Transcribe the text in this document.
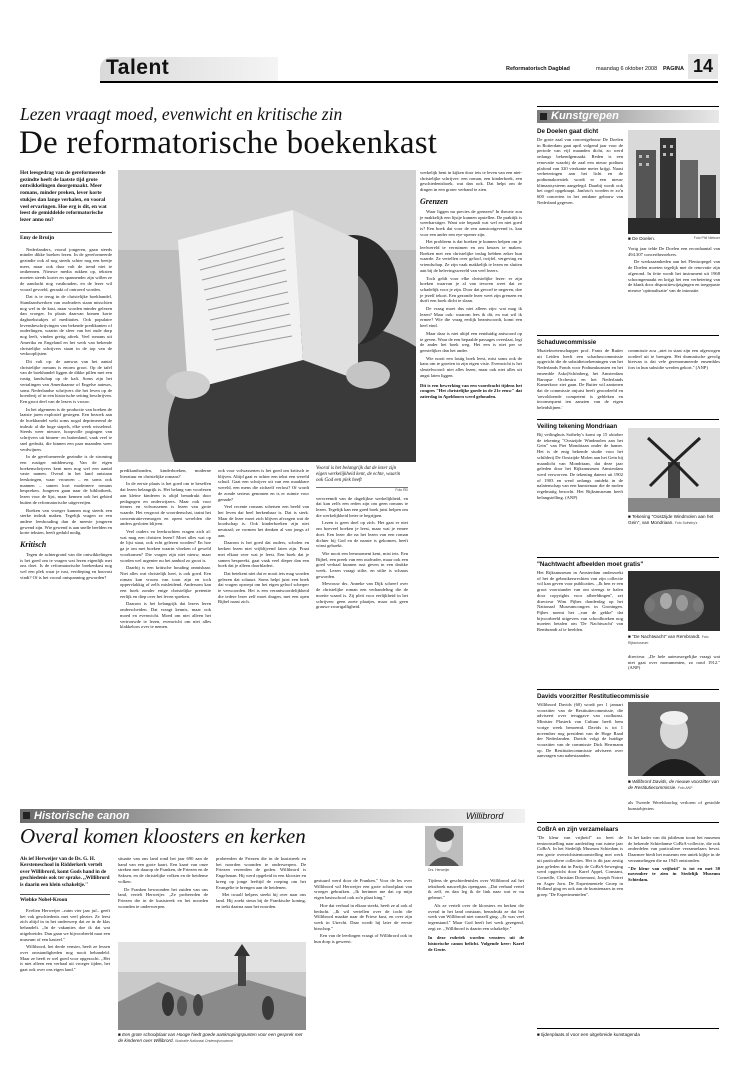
Talent	Reformatorisch Dagblad	maandag 6 oktober 2008 PAGINA 14
Lezen vraagt moed, evenwicht en kritische zin
De reformatorische boekenkast
Het leesgedrag van de gereformeerde gezindte heeft de laatste tijd grote ontwikkelingen doorgemaakt. Meer romans, minder preken, lever korte stukjes dan lange verhalen, en vooral veel ervaringen. Hoe erg is dit, en wat leest de gemiddelde reformatorische lezer anno nu?
Emy de Bruijn

Nederlanders, vooral jongeren, gaan steeds minder dikke boeken lezen. In de gereformeerde gezindte ook al nog steeds schier nog een beetje meer, maar ook daar valt de trend niet te ontkennen. Nieuwe media rukken op, teksten moeten steeds korter en spannender zijn willen ze de aandacht nog vasthouden, en de lezer wil vooral gevoeld, geraakt of ontroerd worden.

Dat is te terug in de christelijke boekhandel. Standaardwerken van oudvaders staan misschien nog wel in de kast, maar worden minder gelezen dan vroeger. In plaats daarvan komen korte dagboekstukjes of meditaties. Ook populaire levensbeschrijvingen van bekende predikanten of ouderlingen, waarin de sfeer van het oude dorp nog leeft, vinden gretig aftrek. Veel romans uit Amerika en Engeland en het werk van bekende christelijke schrijvers staan in de top van de verkooplijsten.

Dit valt op: de aanwas van het aantal christelijke romans is enorm groot. Op de tafel van de boekhandel liggen de dikke pillen met een rustig landschap op de kaft. Soms zijn het vertalingen van Amerikaanse of Engelse auteurs, soms Nederlandse schrijvers die het leven op de boerderij of in een historische setting beschrijven. Een groot deel van de lezers is vrouw.

In het algemeen is de productie van boeken de laatste jaren explosief gestegen. Een bezoek aan de boekhandel wekt soms nogal deprimerend de indruk: al die hoge stapels, elke week wisselend. Steeds weer nieuwe, hoopvolle pogingen van schrijvers uit binnen- en buitenland, vaak veel te snel gedrukt, die binnen een paar maanden weer verdwijnen.

In de gereformeerde gezindte is de stroming een rustiger middenweg. Van de eigen boekenschrijvers kent men nog wel een aantal vaste namen. Overal in het land ontstaan leeskringen, waar vrouwen – en soms ook mannen – samen kort modernere romans bespreken. Jongeren gaan naar de bibliotheek, lezen voor de lijst, maar kennen ook het gebied buiten de reformatorische uitgeverijen.

Boeken van vroeger kunnen nog steeds een sterke indruk maken. Tegelijk vragen ze een andere leeshouding dan de meeste jongeren gewend zijn. Wie gewend is aan snelle beelden en korte teksten, heeft geduld nodig.

Kritisch

Tegen de achtergrond van die ontwikkelingen is het goed om te vragen wat lezen eigenlijk met ons doet. Is de reformatorische boekenkast nog wel een plek waar je rust, verdieping en houvast vindt? Of is het vooral ontspanning geworden?

predikanthonden, kinderboeken, moderne literatuur en christelijke romans?

In de eerste plaats is het goed om te beseffen dat lezen belangrijk is. Het belang van voorlezen aan kleine kinderen is altijd benadrukt door pedagogen en onderwijzers. Maar ook voor tieners en volwassenen is lezen van grote waarde. Het vergroot de woordenschat, traint het concentratievermogen en opent werelden die anders gesloten blijven.

Veel ouders en leerkrachten vragen zich af: wat mag een christen lezen? Moet alles wat op de lijst staat, ook echt gelezen worden? En hoe ga je om met boeken waarin vloeken of geweld voorkomen? Die vragen zijn niet nieuw, maar worden wel urgenter nu het aanbod zo groot is.

Daarbij is een kritische houding onmisbaar. Niet alles wat christelijk heet, is ook goed. Een roman kan vroom van toon zijn en toch oppervlakkig of zelfs misleidend. Andersom kan een boek zonder enige christelijke pretentie eerlijk en diep over het leven spreken.

Daarom is het belangrijk dat lezers leren onderscheiden. Dat vraagt kennis, maar ook moed en evenwicht. Moed om niet alleen het vertrouwde te lezen, evenwicht om niet alles klakkeloos over te nemen.

ook voor volwassenen is het goed om kritisch te blijven. Altijd gaat er achter een tekst een wereld schuil. Gaat een schrijver uit van een maakbare wereld, een mens die zichzelf verlost? Of wordt de zonde serieus genomen en is er ruimte voor genade?

Veel recente romans schetsen een beeld van het leven dat heel herkenbaar is. Dat is sterk. Maar de lezer moet zich blijven afvragen wat de boodschap is. Ook kinderboeken zijn niet neutraal; ze vormen het denken al van jongs af aan.

Daarom is het goed dat ouders, scholen en kerken lezen niet vrijblijvend laten zijn. Praat met elkaar over wat je leest. Een boek dat je samen bespreekt, gaat vaak veel dieper dan een boek dat je alleen doorbladert.

Dat betekent niet dat er nooit iets mag worden gelezen dat schuurt. Soms helpt juist een boek dat vragen oproept om het eigen geloof scherper te verwoorden. Het is een verantwoordelijkheid die iedere lezer zelf moet dragen, met een open Bijbel naast zich.

Vooral is het belangrijk dat de lezer zijn eigen werkelijkheid kent, de echte, waarin ook God een plek heeft
Foto RD

vervreemdt van de dagelijkse werkelijkheid, en dat kan zelfs een reden zijn om geen romans te lezen. Tegelijk kan een goed boek juist helpen om die werkelijkheid beter te begrijpen.

Lezen is geen doel op zich. Het gaat er niet om hoeveel boeken je leest, maar wat je ermee doet. Een lezer die na het lezen van een roman dichter bij God en de naaste is gekomen, heeft winst geboekt.

Wie nooit een leesmoment kent, mist iets. Een Bijbel, een preek van een oudvader, maar ook een goed verhaal kunnen rust geven in een drukke week. Lezen vraagt stilte, en stilte is schaars geworden.

Mevrouw drs. Anneke van Dijk schreef over de christelijke roman een verhandeling die de moeite waard is. Zij pleit voor eerlijkheid in het schrijven: geen zoete plaatjes, maar ook geen grauwe zwartgalligheid.

werkelijk bent in kijken door iets te leven van een niet-christelijke schrijver: een roman, een kinderboek, een geschiedenisboek, wat dan ook. Dat helpt om de dingen in een groter verband te zien.

Grenzen

Waar liggen nu precies de grenzen? In theorie zou je makkelijk een lijstje kunnen opstellen. De praktijk is weerbarstiger. Want wie bepaalt wat wel en niet goed is? Een boek dat voor de een aanstootgevend is, kan voor een ander een eye-opener zijn.

Het probleem is dat boeken je kunnen helpen om je leefwereld te verruimen en om keuzes te maken. Boeken met een christelijke inslag hebben zeker hun waarde. Ze vertellen over geloof, twijfel, vergeving en vriendschap. Ze zijn vaak makkelijk te lezen en sluiten aan bij de belevingswereld van veel lezers.

Toch geldt voor elke christelijke lezer: er zijn boeken waarvan je al van tevoren weet dat ze schadelijk voor je zijn. Door dat gevoel te negeren, doe je jezelf tekort. Een gezonde lezer weet zijn grenzen en durft een boek dicht te slaan.

De vraag moet dus niet alleen zijn: wat mag ik lezen? Maar ook: waarom lees ik dit, en wat wil ik ermee? Wie die vraag eerlijk beantwoordt, komt een heel eind.

Maar daar is niet altijd een eenduidig antwoord op te geven. Waar de een bepaalde passages overslaat, legt de ander het boek weg. Het een is niet per se geestelijker dan het ander.

Wie nooit een lastig boek leest, mist soms ook de kans om te groeien in zijn eigen visie. Evenwicht is het sleutelwoord: niet alles lezen, maar ook niet alles uit angst laten liggen.

Dit is een bewerking van een voordracht tijdens het congres "Het christelijke goede in de 21e eeuw" dat zaterdag in Apeldoorn werd gehouden.

Kunstgrepen
De Doelen gaat dicht

De grote zaal van concertgebouw De Doelen in Rotterdam gaat april volgend jaar voor de periode van vijf maanden dicht, zo werd onlangs bekendgemaakt. Reden is een renovatie waarbij de zaal een nieuw podium plafond van 320 vierkante meter krijgt. Naast verbeteringen aan het licht en de podiumakoestiek wordt er een nieuw klimaatsysteem aangelegd. Daarbij wordt ook het orgel opgeknapt. Janfoto's worden er zo'n 600 concerten in het ontdane gebouw van Nederland gegeven.

■ De Doelen.	Foto Phil Nieboer

Vorig jaar telde De Doelen een recordaantal van 494.307 concertbezoekers.

De werkzaamheden aan het Fleniropegel van de Doelen moeten tegelijk met de renovatie zijn afgerond. In feite wordt het instrument uit 1968 schoongemaakt en krijgt het een verbetering van de klank door dispositiewijzigingen en toegepaste nieuwe 'optimalisatie' van de intonatie.

Schaduwcommissie

Muziekwetenschapper prof. Frans de Ruiter uit Leiden heeft een schaduwcommissie opgericht die de subsidietoekenningen van het Nederlands Fonds voor Podiumkunsten en het ensemble Asko|Schönberg, het Amsterdam Baroque Orchestra en het Nederlands Kamerkoor ziet gaan. De Ruiter wil aantonen dat de commissie onjuist heeft geoordeeld en 'onvoldoende competent is gebleken en inconsequent ten aanzien van de eigen beleidslijnen.'

commissie zou ,,niet in staat zijn een afgewogen oordeel uit te brengen. Het dramatische gevolg hiervan is dat vele gerenommeerde ensembles fors in hun subsidie werden gekort.'' (ANP)

Veiling tekening Mondriaan

Bij veilinghuis Sotheby's komt op 15 oktober de tekening "Oostzijde Windmolen aan het Gein" van Piet Mondriaan onder de hamer. Het is de enig bekende studie voor het schilderij De Oostzijde Molen aan het Gein bij maanlicht van Mondriaan, dat deze jaar geleden door het Rijksmuseum Amsterdam werd verworven. De tekening dateert uit 1902 of 1903 en werd onlangs ontdekt in de nalatenschap van een kunstenaar die de molen regelmatig bezocht. Het Rijksmuseum heeft belangstelling. (ANP)

■ Tekening "Oostzijde Windmolen aan het Gein", van Mondriaan. Foto Sotheby's
"Nachtwacht afbeelden moet gratis"

Het Rijksmuseum in Amsterdam onderzoekt of het de gebruikersrechten van zijn collectie wil kan geven voor publicaties. ,,Ik ben er een groot voorstander van om strengs te halen door copyrights voor afbeeldingen'', zei directeur Wim Pijbes donderdag op het Nationaal Museumcongres in Groningen. Pijbes noemt het ,,van de gekke'' dat bijvoorbeeld uitgevers van schoolboeken nog moeten betalen om 'De Nachtwacht' van Rembrandt af te beelden.

■ "De Nachtwacht" van Rembrandt. Foto Rijksmuseum

directeur. ,,De hele auteursregelijke vraagt wat niet gaat over monumenten, zo rond 1912.'' (ANP)

Davids voorzitter Restitutiecommissie

Willibrord Davids (60) wordt per 1 januari voorzitter van de Restitutiecommissie, die adviseert over teruggave van roofkunst. Minister Plasterk van Cultuur heeft hem vorige week benoemd. Davids is tot 1 november nog president van de Hoge Raad der Nederlanden. Davids volgt de huidige voorzitter van de commissie Dick Herrmann op. De Restitutiecommissie adviseert over aanvragen van nabestaanden.

■ Willibrord Davids, de nieuwe voorzitter van de Restitutiecommissie. Foto ANP

als Tweede Wereldoorlog verloren of gestolde kunstobjecten.

CoBrA en zijn verzamelaars

"De kleur van vrijheid" zo heet de tentoonstelling naar aanleiding van ruime jaar CoBrA. In het Stedelijk Museum Schiedam is een grote overzichtstentoonstelling met werk uit particuliere collecties. Het is dit jaar zestig jaar geleden dat in Parijs de CoBrA-beweging werd opgericht door Karel Appel, Constant, Corneille, Christian Dotremont, Joseph Noiret en Asger Jorn. De Experimentele Groep in Holland ging en ook aan de kunstenaars in een groep "De Experimentelen".

In het kader van dit jubileum toont het museum de bekende Schiedamse CoBrA-collectie, die ook onderdelen van particuliere verzamelaars bevat. Daarmee biedt het museum een uniek kijkje in de verzamelingen die na 1945 ontstonden.

"De kleur van vrijheid" is tot en met 30 november te zien in Stedelijk Museum Schiedam.

■ tijdenplaats.nl voor een uitgebreide kunstagenda
Historische canon	Willibrord
Overal komen kloosters en kerken
Drs. Herweijer
Als ief Herweijer van de Ds. G. H. Kersteneschool in Ridderkerk vertelt over Willibrord, komt Gods hand in de geschiedenis ook ter sprake. ,,Willibrord is daarin een klein schakeltje.''
Wiebke Nobel-Kroon

Evelien Herweijer –ruim vier jaar juf– geeft het vak geschiedenis met veel plezier. Ze leest zich altijd in in het onderwerp dat ze in de klas behandelt. ,,In de vakanties doe ik dat wat uitgebreider. Dan gaan we bijvoorbeeld naar een museum of een kasteel.''

Willibrord, het derde venster, heeft ze lessen over omstandigheden nog nooit behandeld. Maar ze heeft er wel goed voor opgezocht. ,,Het is niet alleen een verhaal uit vroeger tijden, het gaat ook over ons eigen land.''

situatie van ons land rond het jaar 690 aan de hand van een grote kaart. Een kaart van onze streken met daarop de Franken, de Friezen en de Saksen, en de christelijke volken en de heidense volken.

De Franken bewoonden het zuiden van ons land, vertelt Herweijer. ,,Ze probeerden de Friezen die in de kuststreek en het noorden woonden te onderwerpen.

probeerden de Friezen die in de kuststreek en het noorden woonden te onderwerpen. De Friezen vereerden de goden. Willibrord is Engelsman. Hij werd opgeleid in een klooster en kreeg op jonge leeftijd de roeping om het Evangelie te brengen aan de heidenen.

Met twaalf helpers steekt hij over naar ons land. Hij zoekt steun bij de Frankische koning, en trekt daarna naar het noorden.

■ Een grote schoolplaat van Hooge hiedt goede aanknopingspunten voor een gesprek met de kinderen over Willibrord. Illustratie Nationaal Onderwijsmuseum

gestuurd werd door de Franken.'' Voor de les over Willibrord wil Herweijer een grote schoolplaat van vroeger gebruiken. ,,Ik herinner me dat op mijn eigen basisschool ook zo'n plaat hing.''

Hoe dat verhaal in elkaar steekt, heeft ze al ook al bedacht. ,,Ik wil vertellen over de tocht die Willibrord maakte naar de Friese kust, en over zijn werk in Utrecht. Daar wordt hij later de eerste bisschop.''

Een van de leerlingen vraagt of Willibrord ook in hun dorp is geweest.

Tijdens de geschiedenisles over Willibrord zal het tekstboek nauwelijks opengaan. ,,Dat verhaal vertel ik zelf, en dan leg ik de link naar wat er nu gebeurt.''

Als ze vertelt over de kloosters en kerken die overal in het land ontstaan, benadrukt ze dat het werk van Willibrord niet vanzelf ging. ,,Er was veel tegenstand.'' Maar God heeft het werk gezegend, zegt ze. ,,Willibrord is daarin een schakeltje.''

In deze rubriek worden vensters uit de historische canon belicht. Volgende keer: Karel de Grote.
